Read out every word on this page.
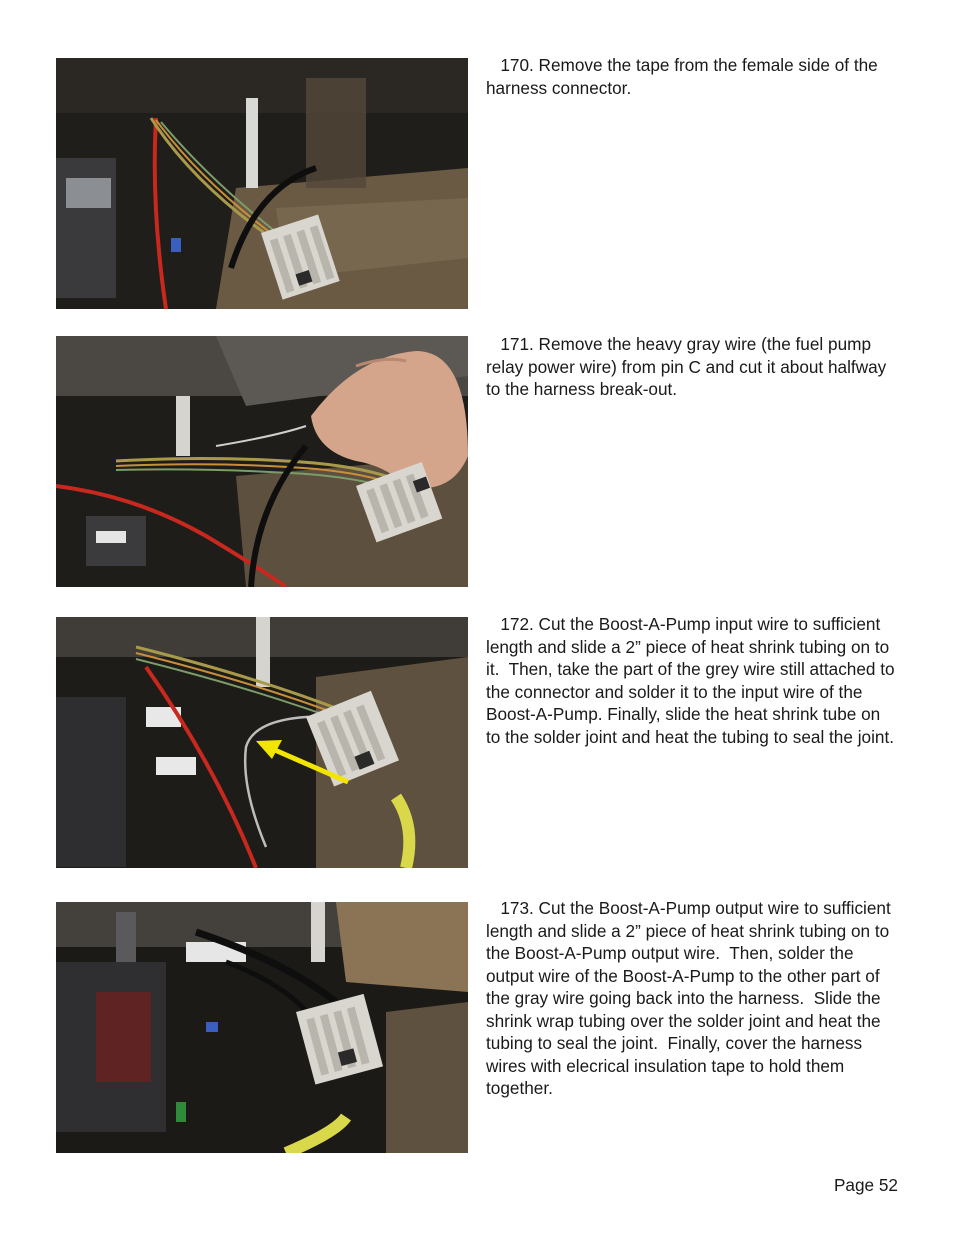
170. Remove the tape from the female side of the harness connector.

171. Remove the heavy gray wire (the fuel pump relay power wire) from pin C and cut it about halfway to the harness break-out.

172. Cut the Boost-A-Pump input wire to sufficient length and slide a 2” piece of heat shrink tubing on to it.  Then, take the part of the grey wire still attached to the connector and solder it to the input wire of the Boost-A-Pump. Finally, slide the heat shrink tube on to the solder joint and heat the tubing to seal the joint.

173. Cut the Boost-A-Pump output wire to sufficient length and slide a 2” piece of heat shrink tubing on to the Boost-A-Pump output wire.  Then, solder the output wire of the Boost-A-Pump to the other part of the gray wire going back into the harness.  Slide the shrink wrap tubing over the solder joint and heat the tubing to seal the joint.  Finally, cover the harness wires with elecrical insulation tape to hold them together.

Page 52
